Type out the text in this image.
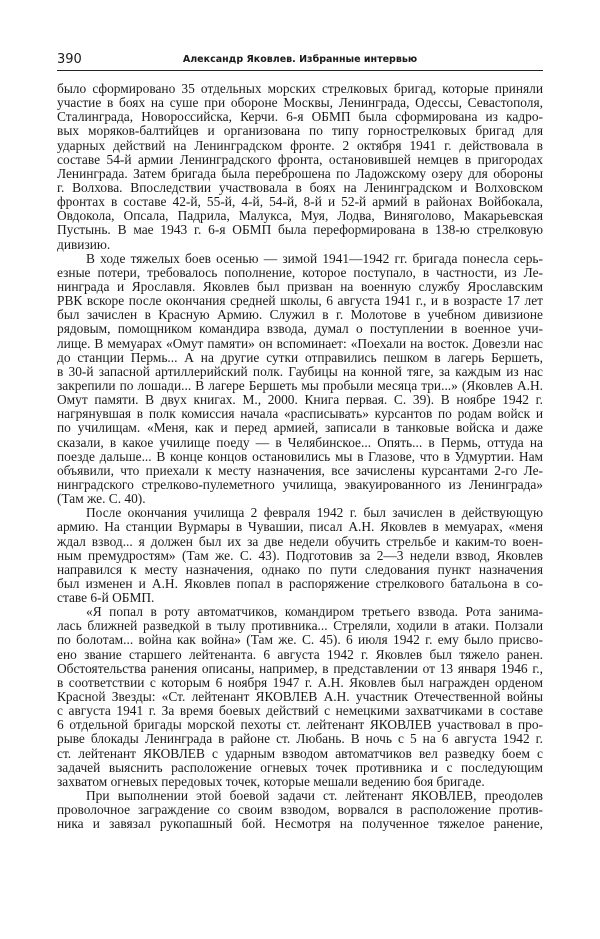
390	Александр Яковлев. Избранные интервью
было сформировано 35 отдельных морских стрелковых бригад, которые приняли
участие в боях на суше при обороне Москвы, Ленинграда, Одессы, Севастополя,
Сталинграда, Новороссийска, Керчи. 6-я ОБМП была сформирована из кадро-
вых моряков-балтийцев и организована по типу горнострелковых бригад для
ударных действий на Ленинградском фронте. 2 октября 1941 г. действовала в
составе 54-й армии Ленинградского фронта, остановившей немцев в пригородах
Ленинграда. Затем бригада была переброшена по Ладожскому озеру для обороны
г. Волхова. Впоследствии участвовала в боях на Ленинградском и Волховском
фронтах в составе 42-й, 55-й, 4-й, 54-й, 8-й и 52-й армий в районах Войбокала,
Овдокола, Опсала, Падрила, Малукса, Муя, Лодва, Виняголово, Макарьевская
Пустынь. В мае 1943 г. 6-я ОБМП была переформирована в 138-ю стрелковую
дивизию.
В ходе тяжелых боев осенью — зимой 1941—1942 гг. бригада понесла серь-
езные потери, требовалось пополнение, которое поступало, в частности, из Ле-
нинграда и Ярославля. Яковлев был призван на военную службу Ярославским
РВК вскоре после окончания средней школы, 6 августа 1941 г., и в возрасте 17 лет
был зачислен в Красную Армию. Служил в г. Молотове в учебном дивизионе
рядовым, помощником командира взвода, думал о поступлении в военное учи-
лище. В мемуарах «Омут памяти» он вспоминает: «Поехали на восток. Довезли нас
до станции Пермь... А на другие сутки отправились пешком в лагерь Бершеть,
в 30-й запасной артиллерийский полк. Гаубицы на конной тяге, за каждым из нас
закрепили по лошади... В лагере Бершеть мы пробыли месяца три...» (Яковлев А.Н.
Омут памяти. В двух книгах. М., 2000. Книга первая. С. 39). В ноябре 1942 г.
нагрянувшая в полк комиссия начала «расписывать» курсантов по родам войск и
по училищам. «Меня, как и перед армией, записали в танковые войска и даже
сказали, в какое училище поеду — в Челябинское... Опять... в Пермь, оттуда на
поезде дальше... В конце концов остановились мы в Глазове, что в Удмуртии. Нам
объявили, что приехали к месту назначения, все зачислены курсантами 2-го Ле-
нинградского стрелково-пулеметного училища, эвакуированного из Ленинграда»
(Там же. С. 40).
После окончания училища 2 февраля 1942 г. был зачислен в действующую
армию. На станции Вурмары в Чувашии, писал А.Н. Яковлев в мемуарах, «меня
ждал взвод... я должен был их за две недели обучить стрельбе и каким-то воен-
ным премудростям» (Там же. С. 43). Подготовив за 2—3 недели взвод, Яковлев
направился к месту назначения, однако по пути следования пункт назначения
был изменен и А.Н. Яковлев попал в распоряжение стрелкового батальона в со-
ставе 6-й ОБМП.
«Я попал в роту автоматчиков, командиром третьего взвода. Рота занима-
лась ближней разведкой в тылу противника... Стреляли, ходили в атаки. Ползали
по болотам... война как война» (Там же. С. 45). 6 июля 1942 г. ему было присво-
ено звание старшего лейтенанта. 6 августа 1942 г. Яковлев был тяжело ранен.
Обстоятельства ранения описаны, например, в представлении от 13 января 1946 г.,
в соответствии с которым 6 ноября 1947 г. А.Н. Яковлев был награжден орденом
Красной Звезды: «Ст. лейтенант ЯКОВЛЕВ А.Н. участник Отечественной войны
с августа 1941 г. За время боевых действий с немецкими захватчиками в составе
6 отдельной бригады морской пехоты ст. лейтенант ЯКОВЛЕВ участвовал в про-
рыве блокады Ленинграда в районе ст. Любань. В ночь с 5 на 6 августа 1942 г.
ст. лейтенант ЯКОВЛЕВ с ударным взводом автоматчиков вел разведку боем с
задачей выяснить расположение огневых точек противника и с последующим
захватом огневых передовых точек, которые мешали ведению боя бригаде.
При выполнении этой боевой задачи ст. лейтенант ЯКОВЛЕВ, преодолев
проволочное заграждение со своим взводом, ворвался в расположение против-
ника и завязал рукопашный бой. Несмотря на полученное тяжелое ранение,
